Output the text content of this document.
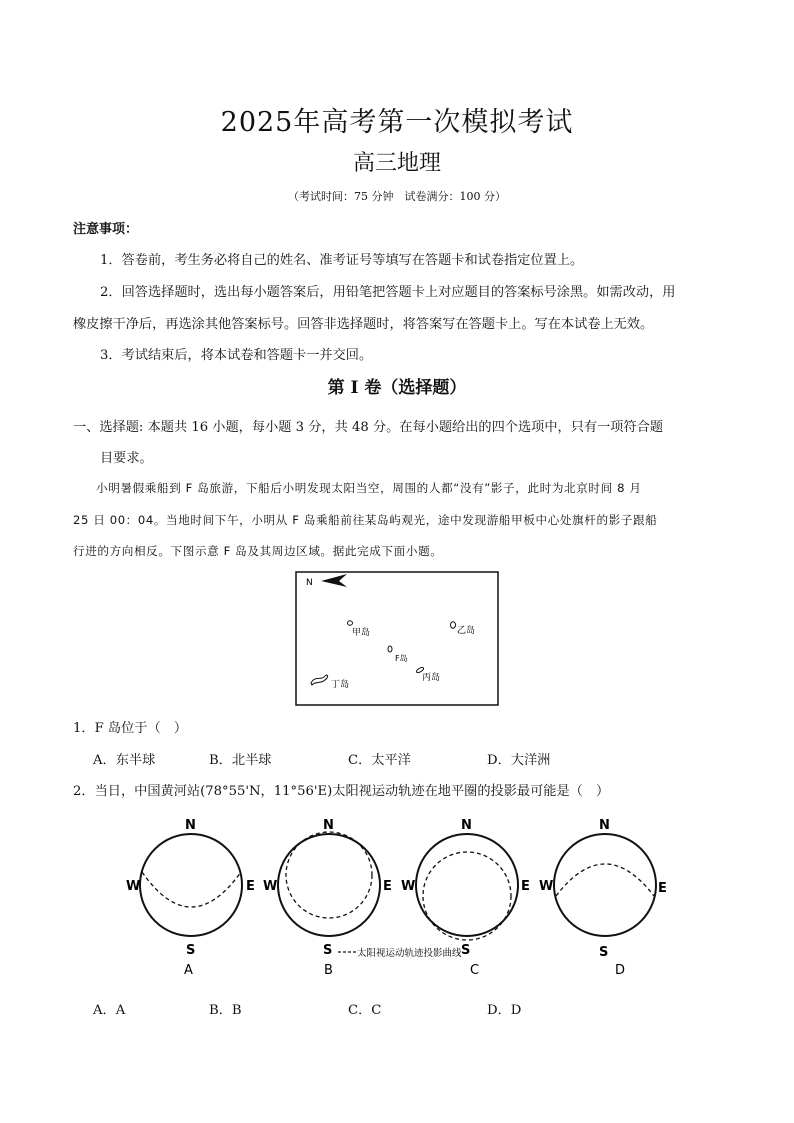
2025年高考第一次模拟考试
高三地理
（考试时间：75 分钟　试卷满分：100 分）
注意事项：
1．答卷前，考生务必将自己的姓名、准考证号等填写在答题卡和试卷指定位置上。
2．回答选择题时，选出每小题答案后，用铅笔把答题卡上对应题目的答案标号涂黑。如需改动，用
橡皮擦干净后，再选涂其他答案标号。回答非选择题时，将答案写在答题卡上。写在本试卷上无效。
3．考试结束后，将本试卷和答题卡一并交回。
第 I 卷（选择题）
一、选择题: 本题共 16 小题，每小题 3 分，共 48 分。在每小题给出的四个选项中，只有一项符合题
目要求。
小明暑假乘船到 F 岛旅游，下船后小明发现太阳当空，周围的人都“没有”影子，此时为北京时间 8 月
25 日 00：04。当地时间下午，小明从 F 岛乘船前往某岛屿观光，途中发现游船甲板中心处旗杆的影子跟船
行进的方向相反。下图示意 F 岛及其周边区域。据此完成下面小题。
N
甲岛	乙岛
F岛
丙岛
丁岛
1．F 岛位于（　）
A．东半球	B．北半球	C．太平洋	D．大洋洲
2．当日，中国黄河站(78°55'N，11°56'E)太阳视运动轨迹在地平圈的投影最可能是（　）
N
W	E
S
A
N
W	E
S
B
N
W	E
S
C
N
W	E
S
D
太阳视运动轨迹投影曲线
A．A	B．B	C．C	D．D
